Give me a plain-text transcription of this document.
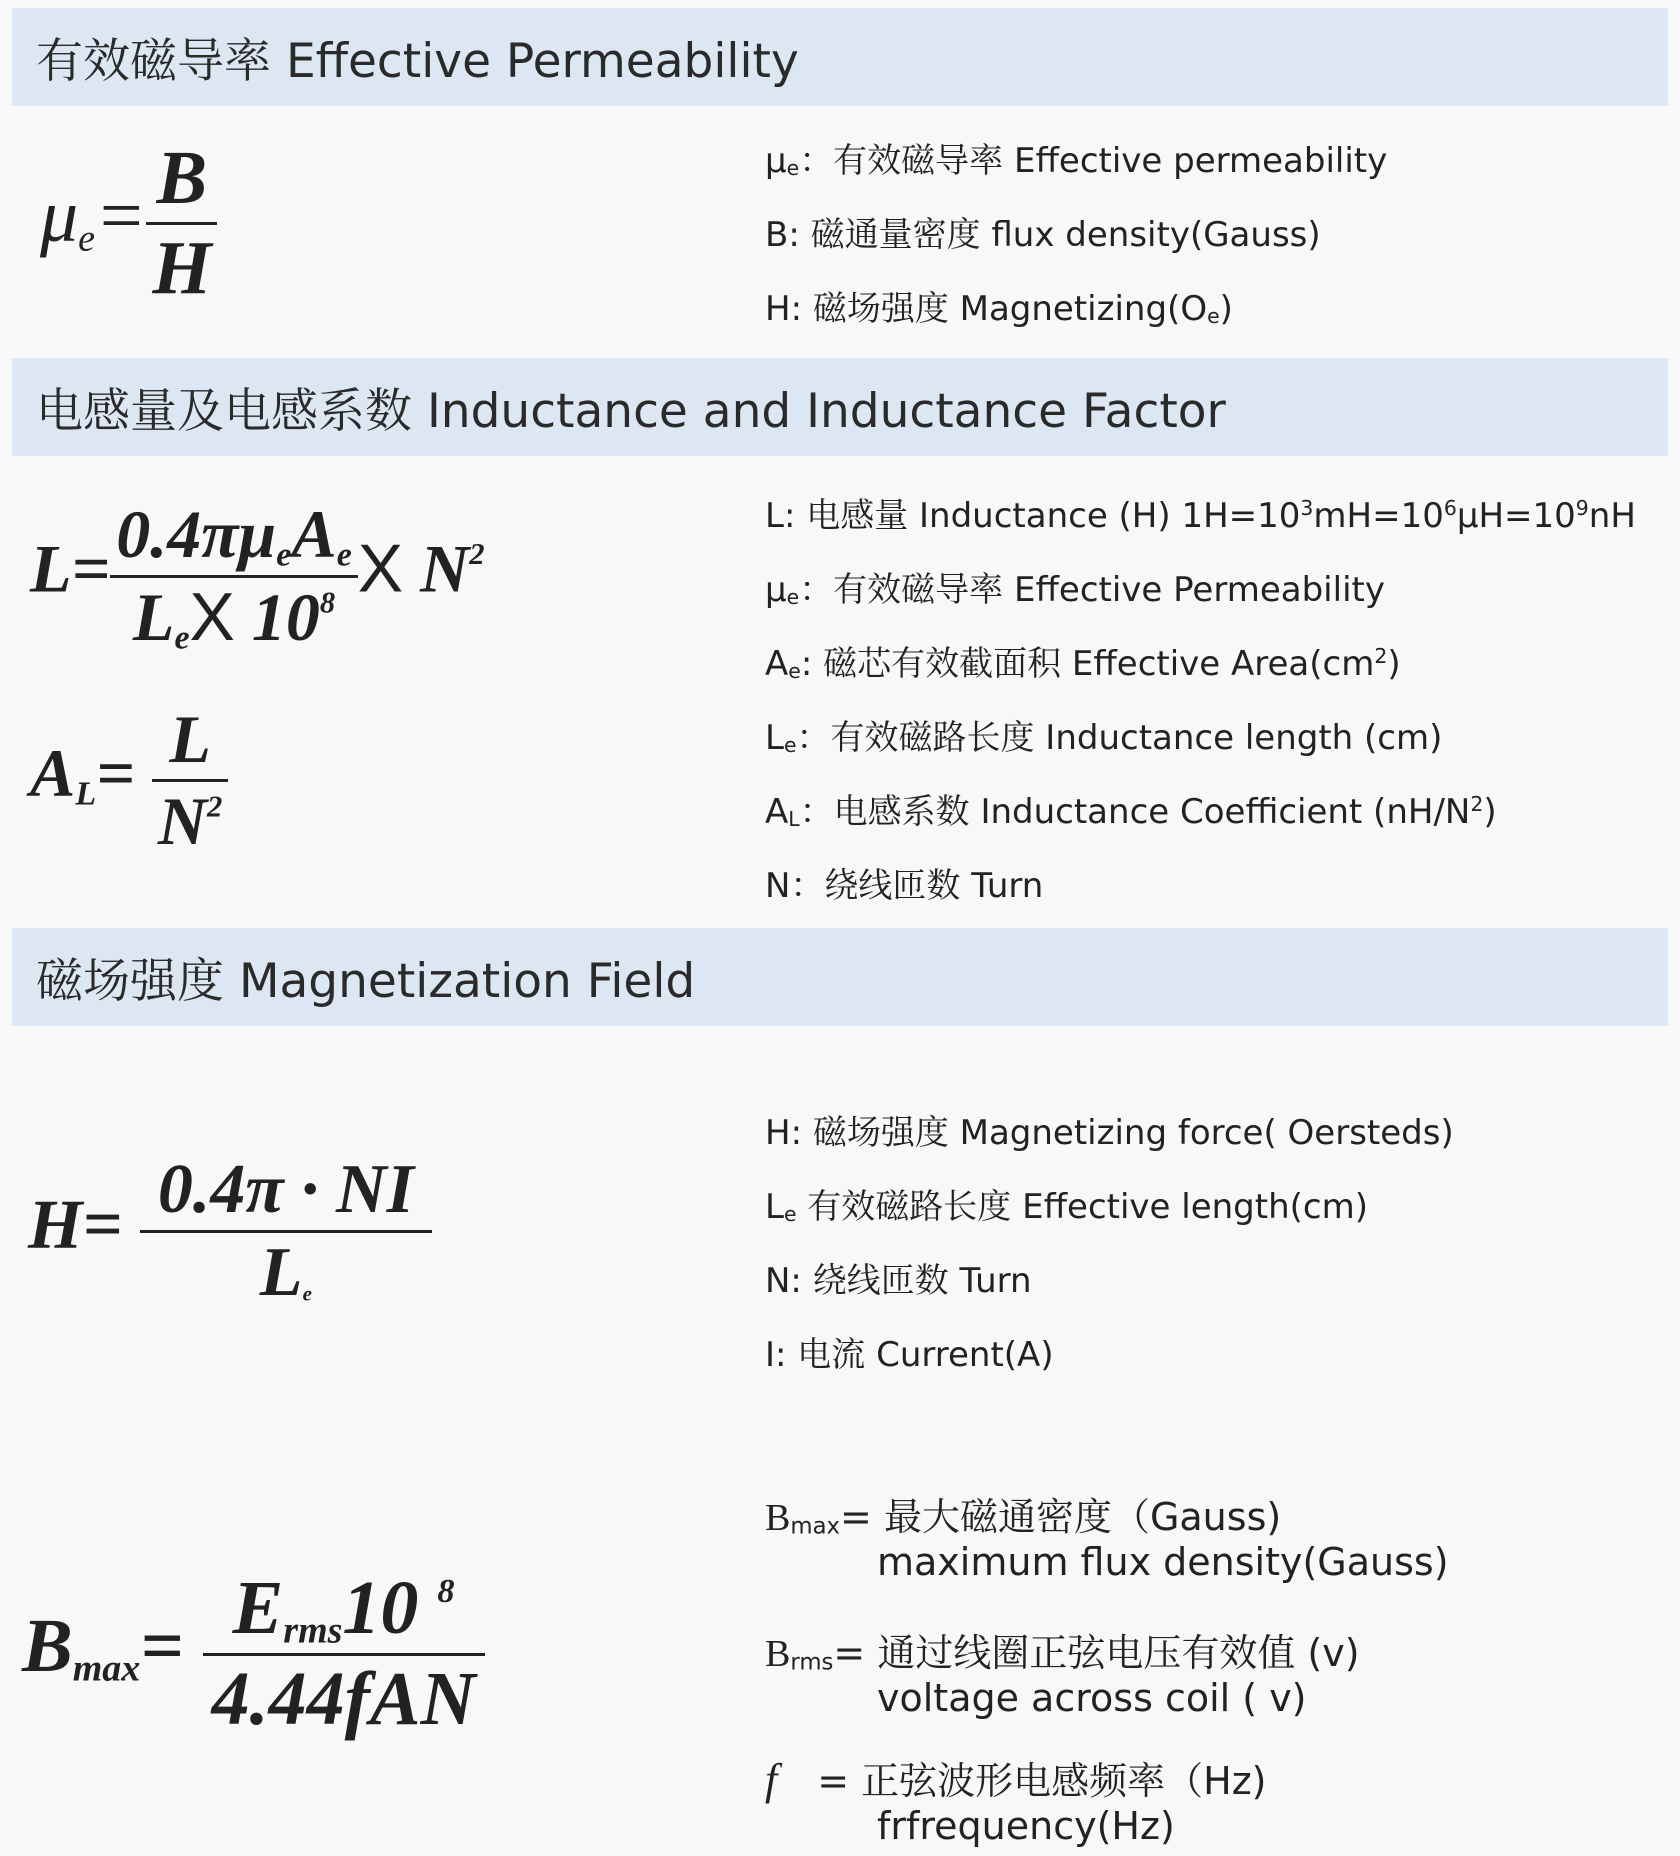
有效磁导率 Effective Permeability
电感量及电感系数 Inductance and Inductance Factor
磁场强度 Magnetization Field
$\mu_e= \frac{B}{H}$
$L= \frac{0.4\pi\mu_eA_e}{L_eX 10^8}$ X $N^2$
$A_L= \frac{L}{N^2}$
$H= \frac{0.4\pi \cdot NI}{L_e}$
$B_{max}= \frac{E_{rms}10 ^8}{\text{4.44fAN}}$
$\mu_e$：有效磁导率 Effective permeability
B: 磁通量密度 flux density(Gauss)
H: 磁场强度 $Magnetizing(O_e)$
L: 电感量 Inductance (H) $1H=10^3mH=10^6\mu H=10^9nH$
$\mu_e$：有效磁导率 Effective Permeability
$A_e$: 磁芯有效截面积 Effective $Area(cm^2)$
$L_e$：有效磁路长度 Inductance length (cm)
$A_L$：电感系数 Inductance Coefficient $(nH/N^2)$
N：绕线匝数 Turn
H: 磁场强度 Magnetizing force( Oersteds)
$L_e$ 有效磁路长度 Effective length(cm)
N: 绕线匝数 Turn
I: 电流 Current(A)
$B_{max}=$ 最大磁通密度（Gauss)
maximum flux density(Gauss)
$B_{rms}=$ 通过线圈正弦电压有效值 (v)
voltage across coil ( v)
f = 正弦波形电感频率（Hz)
frfrequency(Hz)
